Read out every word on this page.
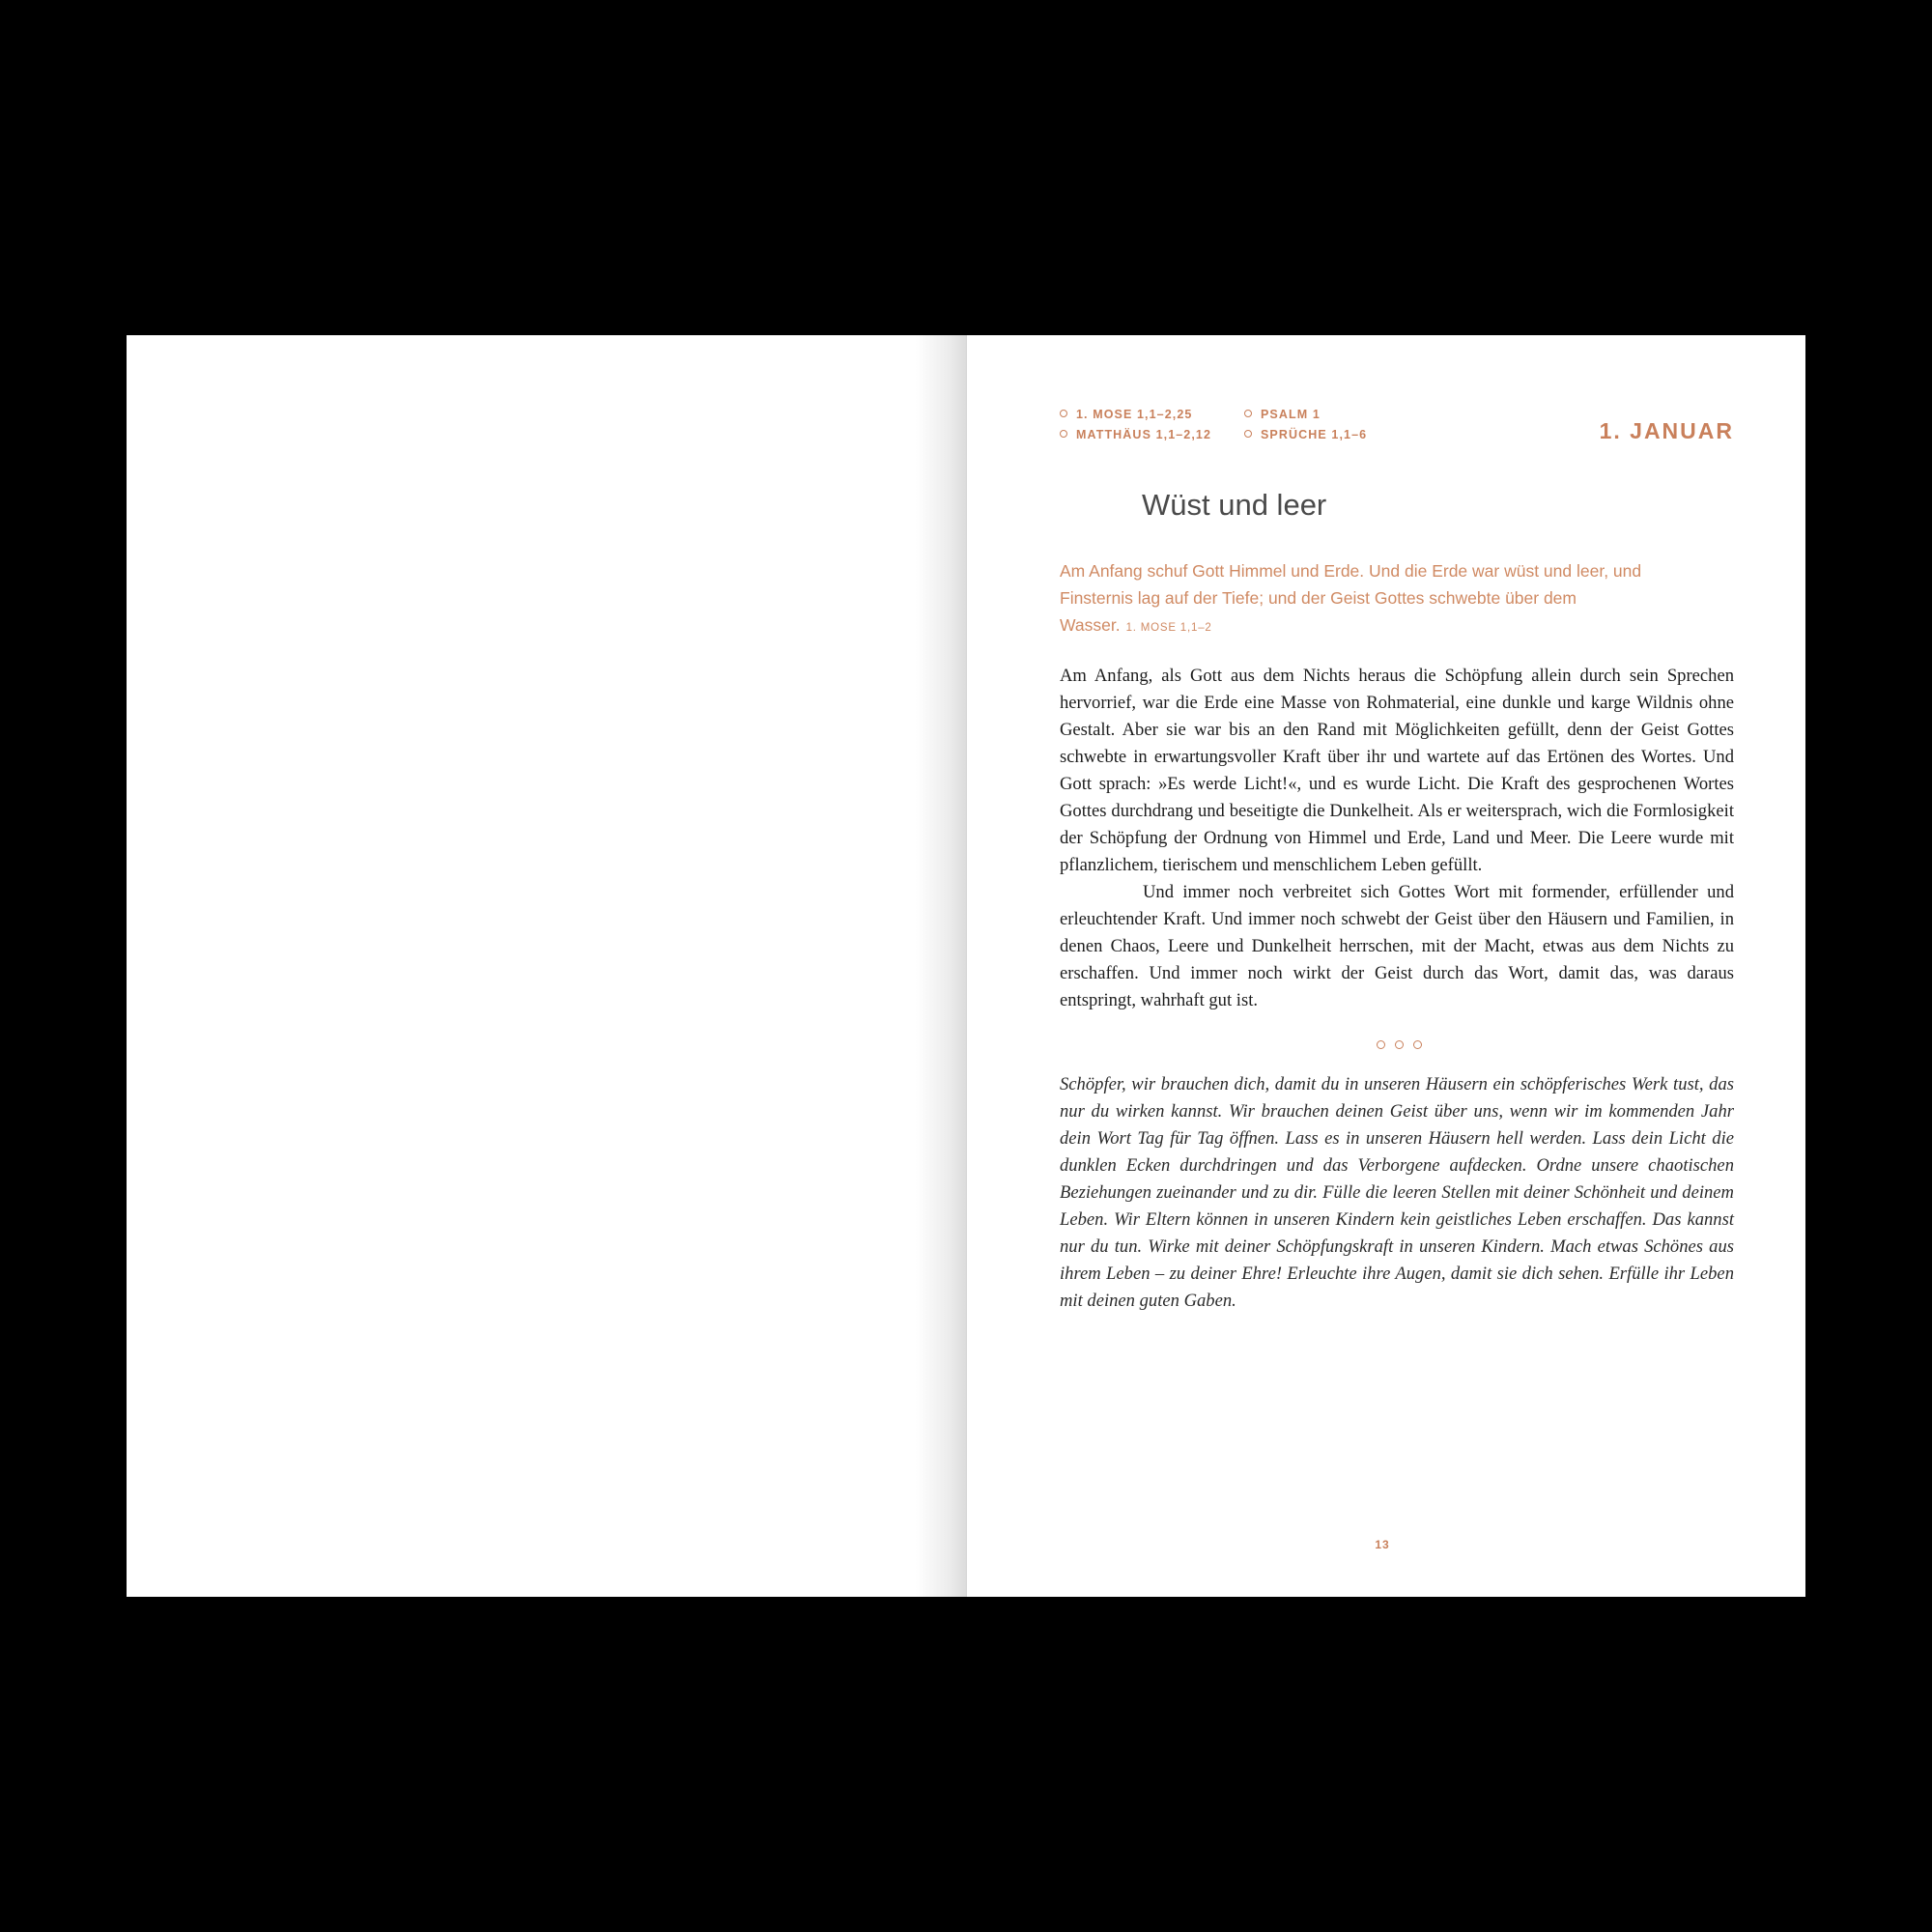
1. MOSE 1,1–2,25	PSALM 1
MATTHÄUS 1,1–2,12	SPRÜCHE 1,1–6	1. JANUAR
Wüst und leer
Am Anfang schuf Gott Himmel und Erde. Und die Erde war wüst und leer, und Finsternis lag auf der Tiefe; und der Geist Gottes schwebte über dem Wasser. 1. MOSE 1,1–2

Am Anfang, als Gott aus dem Nichts heraus die Schöpfung allein durch sein Sprechen hervorrief, war die Erde eine Masse von Rohmaterial, eine dunkle und karge Wildnis ohne Gestalt. Aber sie war bis an den Rand mit Möglichkeiten gefüllt, denn der Geist Gottes schwebte in erwartungsvoller Kraft über ihr und wartete auf das Ertönen des Wortes. Und Gott sprach: »Es werde Licht!«, und es wurde Licht. Die Kraft des gesprochenen Wortes Gottes durchdrang und beseitigte die Dunkelheit. Als er weitersprach, wich die Formlosigkeit der Schöpfung der Ordnung von Himmel und Erde, Land und Meer. Die Leere wurde mit pflanzlichem, tierischem und menschlichem Leben gefüllt.

Und immer noch verbreitet sich Gottes Wort mit formender, erfüllender und erleuchtender Kraft. Und immer noch schwebt der Geist über den Häusern und Familien, in denen Chaos, Leere und Dunkelheit herrschen, mit der Macht, etwas aus dem Nichts zu erschaffen. Und immer noch wirkt der Geist durch das Wort, damit das, was daraus entspringt, wahrhaft gut ist.

Schöpfer, wir brauchen dich, damit du in unseren Häusern ein schöpferisches Werk tust, das nur du wirken kannst. Wir brauchen deinen Geist über uns, wenn wir im kommenden Jahr dein Wort Tag für Tag öffnen. Lass es in unseren Häusern hell werden. Lass dein Licht die dunklen Ecken durchdringen und das Verborgene aufdecken. Ordne unsere chaotischen Beziehungen zueinander und zu dir. Fülle die leeren Stellen mit deiner Schönheit und deinem Leben. Wir Eltern können in unseren Kindern kein geistliches Leben erschaffen. Das kannst nur du tun. Wirke mit deiner Schöpfungskraft in unseren Kindern. Mach etwas Schönes aus ihrem Leben – zu deiner Ehre! Erleuchte ihre Augen, damit sie dich sehen. Erfülle ihr Leben mit deinen guten Gaben.
13
